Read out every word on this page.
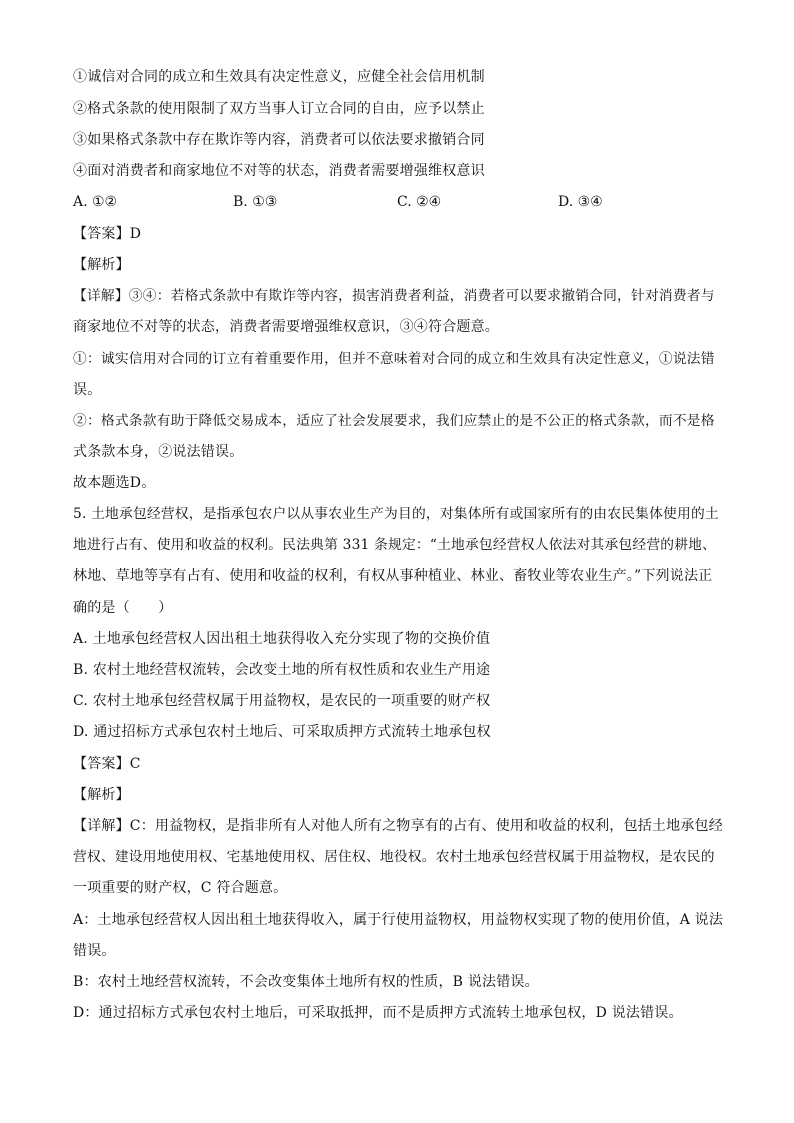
①诚信对合同的成立和生效具有决定性意义，应健全社会信用机制
②格式条款的使用限制了双方当事人订立合同的自由，应予以禁止
③如果格式条款中存在欺诈等内容，消费者可以依法要求撤销合同
④面对消费者和商家地位不对等的状态，消费者需要增强维权意识
A. ①②	B. ①③	C. ②④	D. ③④
【答案】D
【解析】
【详解】③④：若格式条款中有欺诈等内容，损害消费者利益，消费者可以要求撤销合同，针对消费者与
商家地位不对等的状态，消费者需要增强维权意识，③④符合题意。
①：诚实信用对合同的订立有着重要作用，但并不意味着对合同的成立和生效具有决定性意义，①说法错
误。
②：格式条款有助于降低交易成本，适应了社会发展要求，我们应禁止的是不公正的格式条款，而不是格
式条款本身，②说法错误。
故本题选D。
5. 土地承包经营权，是指承包农户以从事农业生产为目的，对集体所有或国家所有的由农民集体使用的土
地进行占有、使用和收益的权利。民法典第 331 条规定：“土地承包经营权人依法对其承包经营的耕地、
林地、草地等享有占有、使用和收益的权利，有权从事种植业、林业、畜牧业等农业生产。”下列说法正
确的是（　　）
A. 土地承包经营权人因出租土地获得收入充分实现了物的交换价值
B. 农村土地经营权流转，会改变土地的所有权性质和农业生产用途
C. 农村土地承包经营权属于用益物权，是农民的一项重要的财产权
D. 通过招标方式承包农村土地后、可采取质押方式流转土地承包权
【答案】C
【解析】
【详解】C：用益物权，是指非所有人对他人所有之物享有的占有、使用和收益的权利，包括土地承包经
营权、建设用地使用权、宅基地使用权、居住权、地役权。农村土地承包经营权属于用益物权，是农民的
一项重要的财产权，C 符合题意。
A：土地承包经营权人因出租土地获得收入，属于行使用益物权，用益物权实现了物的使用价值，A 说法
错误。
B：农村土地经营权流转，不会改变集体土地所有权的性质，B 说法错误。
D：通过招标方式承包农村土地后，可采取抵押，而不是质押方式流转土地承包权，D 说法错误。
